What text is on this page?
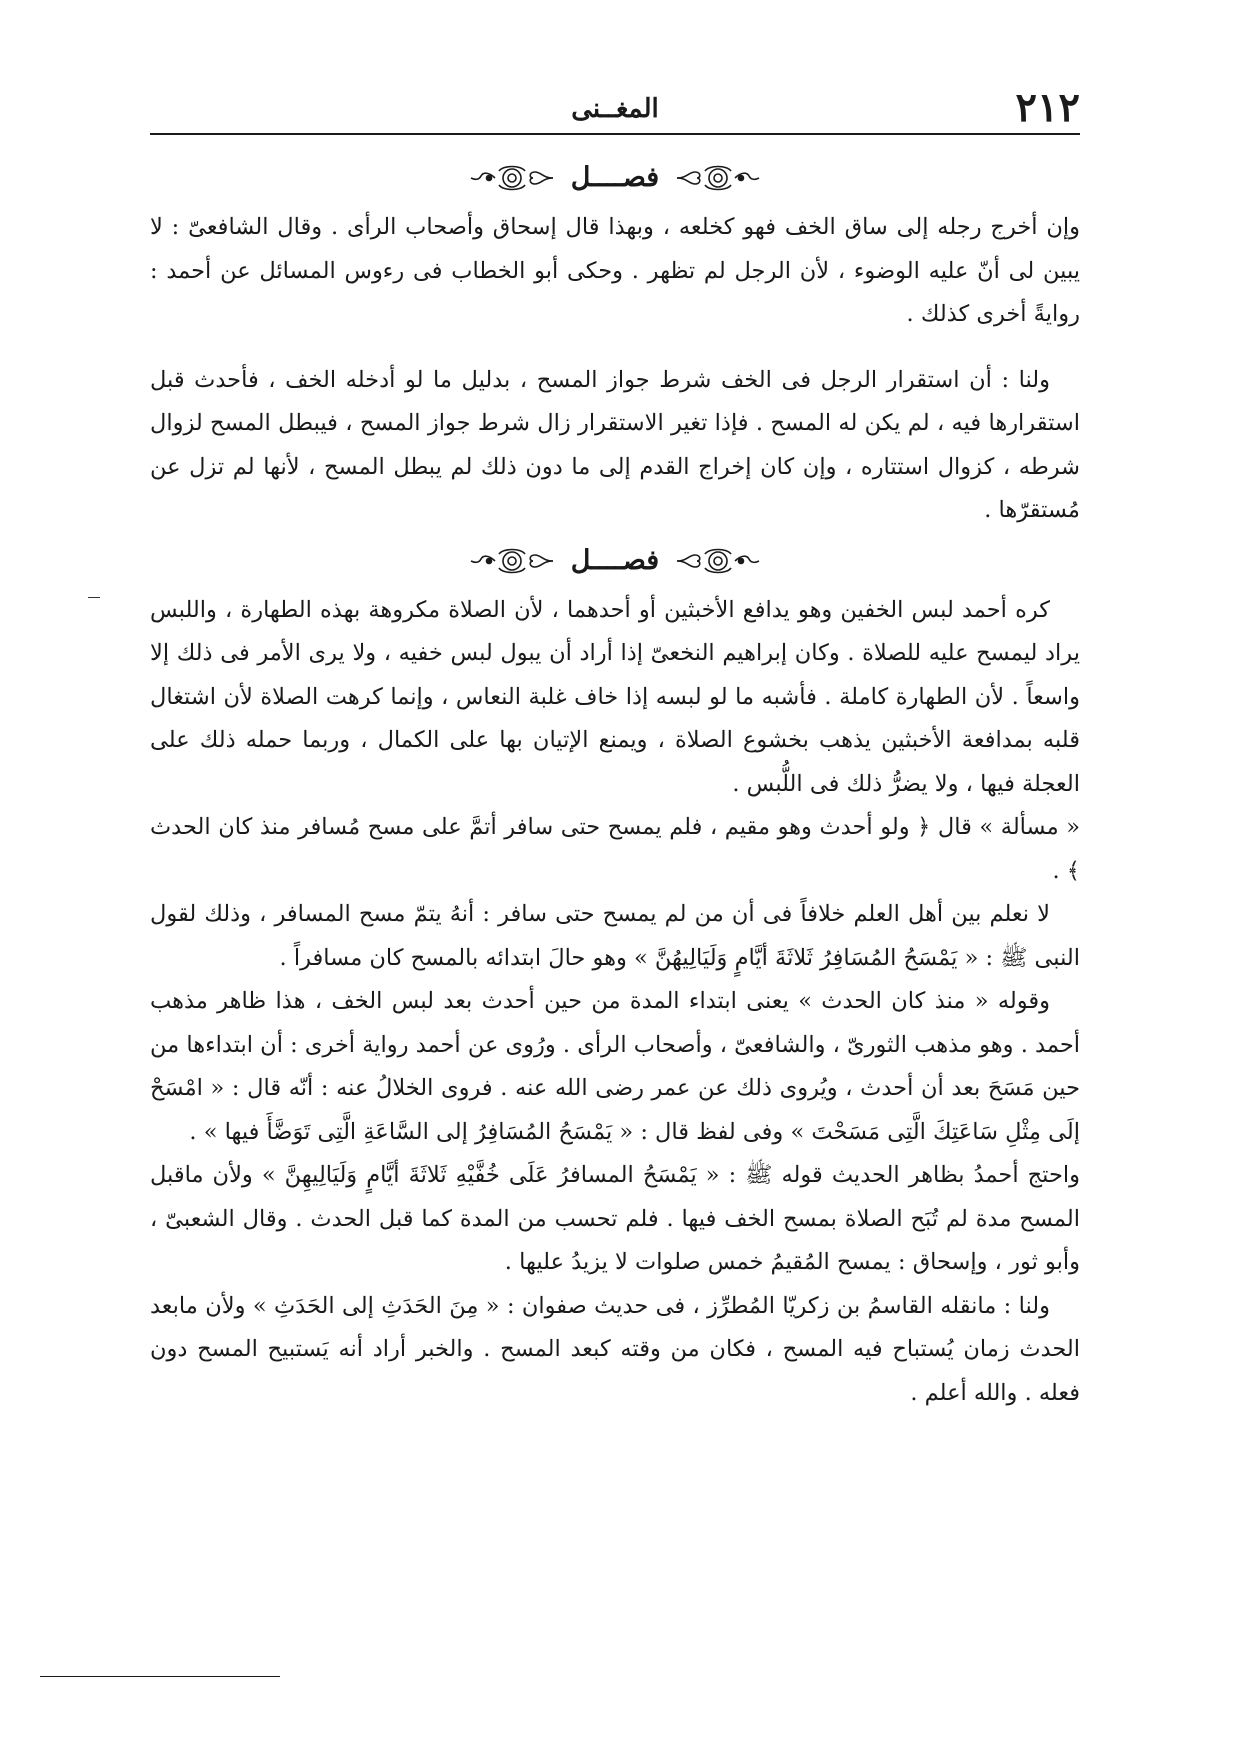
٢١٢
المغــنى
فصــــل

وإن أخرج رجله إلى ساق الخف فهو كخلعه ، وبهذا قال إسحاق وأصحاب الرأى . وقال الشافعىّ : لا يبين لى أنّ عليه الوضوء ، لأن الرجل لم تظهر . وحكى أبو الخطاب فى رءوس المسائل عن أحمد : روايةً أخرى كذلك .

ولنا : أن استقرار الرجل فى الخف شرط جواز المسح ، بدليل ما لو أدخله الخف ، فأحدث قبل استقرارها فيه ، لم يكن له المسح . فإذا تغير الاستقرار زال شرط جواز المسح ، فيبطل المسح لزوال شرطه ، كزوال استتاره ، وإن كان إخراج القدم إلى ما دون ذلك لم يبطل المسح ، لأنها لم تزل عن مُستقرّها .

فصــــل

كره أحمد لبس الخفين وهو يدافع الأخبثين أو أحدهما ، لأن الصلاة مكروهة بهذه الطهارة ، واللبس يراد ليمسح عليه للصلاة . وكان إبراهيم النخعىّ إذا أراد أن يبول لبس خفيه ، ولا يرى الأمر فى ذلك إلا واسعاً . لأن الطهارة كاملة . فأشبه ما لو لبسه إذا خاف غلبة النعاس ، وإنما كرهت الصلاة لأن اشتغال قلبه بمدافعة الأخبثين يذهب بخشوع الصلاة ، ويمنع الإتيان بها على الكمال ، وربما حمله ذلك على العجلة فيها ، ولا يضرُّ ذلك فى اللُّبس .

« مسألة » قال ﴿ ولو أحدث وهو مقيم ، فلم يمسح حتى سافر أتمَّ على مسح مُسافر منذ كان الحدث ﴾ .

لا نعلم بين أهل العلم خلافاً فى أن من لم يمسح حتى سافر : أنهُ يتمّ مسح المسافر ، وذلك لقول النبى ﷺ : « يَمْسَحُ المُسَافِرُ ثَلاثَةَ أيَّامٍ وَلَيَالِيهُنَّ » وهو حالَ ابتدائه بالمسح كان مسافراً .

وقوله « منذ كان الحدث » يعنى ابتداء المدة من حين أحدث بعد لبس الخف ، هذا ظاهر مذهب أحمد . وهو مذهب الثورىّ ، والشافعىّ ، وأصحاب الرأى . ورُوى عن أحمد رواية أخرى : أن ابتداءها من حين مَسَحَ بعد أن أحدث ، ويُروى ذلك عن عمر رضى الله عنه . فروى الخلالُ عنه : أنّه قال : « امْسَحْ إلَى مِثْلِ سَاعَتِكَ الَّتِى مَسَحْتَ » وفى لفظ قال : « يَمْسَحُ المُسَافِرُ إلى السَّاعَةِ الَّتِى تَوَضَّأَ فيها » .

واحتج أحمدُ بظاهر الحديث قوله ﷺ : « يَمْسَحُ المسافرُ عَلَى خُفَّيْهِ ثَلاثَةَ أيَّامٍ وَلَيَالِيهِنَّ » ولأن ماقبل المسح مدة لم تُبَح الصلاة بمسح الخف فيها . فلم تحسب من المدة كما قبل الحدث . وقال الشعبىّ ، وأبو ثور ، وإسحاق : يمسح المُقيمُ خمس صلوات لا يزيدُ عليها .

ولنا : مانقله القاسمُ بن زكريّا المُطرِّز ، فى حديث صفوان : « مِنَ الحَدَثِ إلى الحَدَثِ » ولأن مابعد الحدث زمان يُستباح فيه المسح ، فكان من وقته كبعد المسح . والخبر أراد أنه يَستبيح المسح دون فعله . والله أعلم .
